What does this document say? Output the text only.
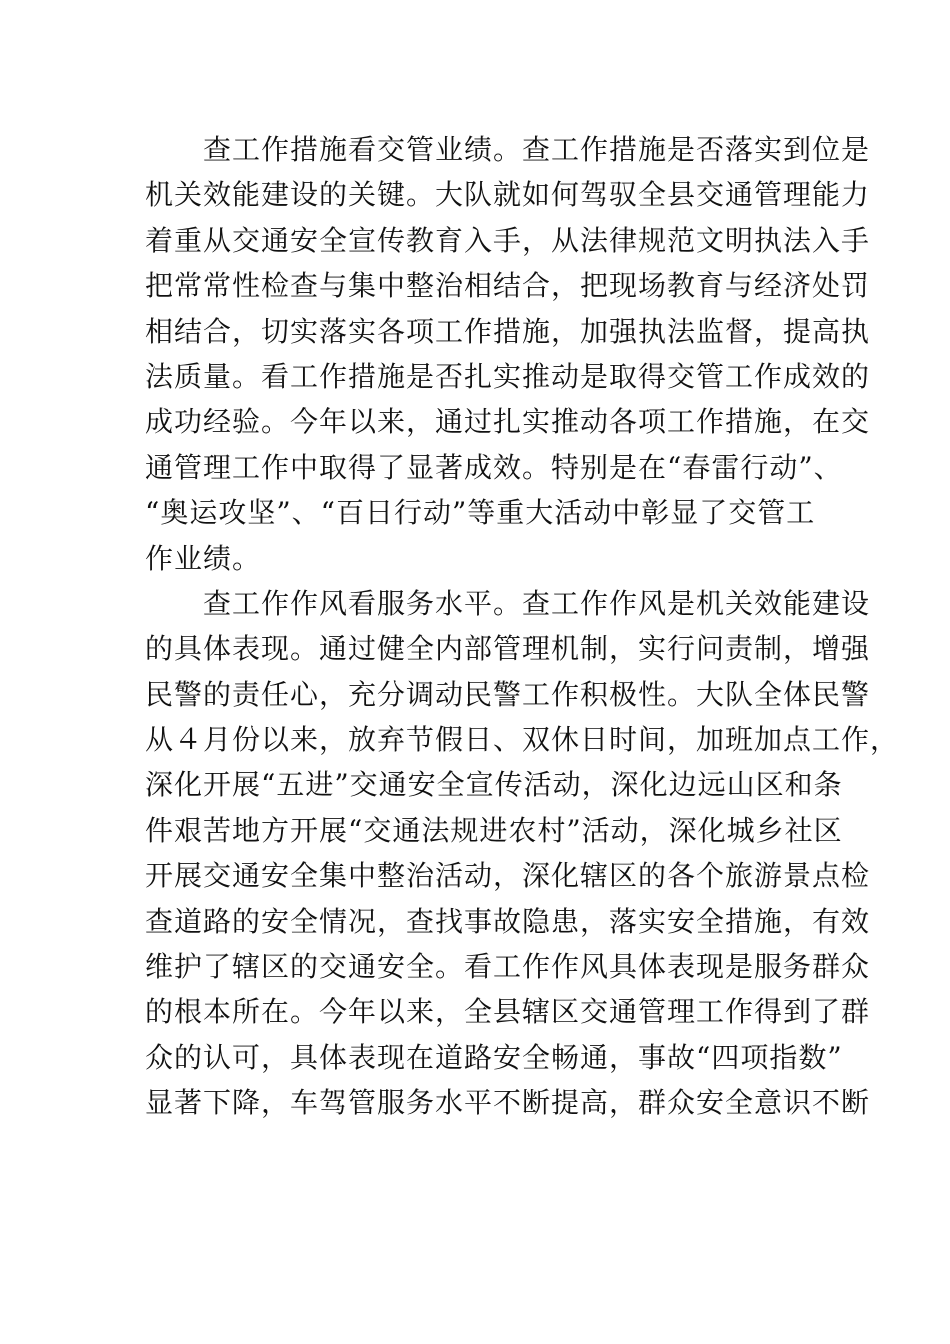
查工作措施看交管业绩。查工作措施是否落实到位是
机关效能建设的关键。大队就如何驾驭全县交通管理能力
着重从交通安全宣传教育入手，从法律规范文明执法入手
把常常性检查与集中整治相结合，把现场教育与经济处罚
相结合，切实落实各项工作措施，加强执法监督，提高执
法质量。看工作措施是否扎实推动是取得交管工作成效的
成功经验。今年以来，通过扎实推动各项工作措施，在交
通管理工作中取得了显著成效。特别是在“春雷行动”、
“奥运攻坚”、“百日行动”等重大活动中彰显了交管工
作业绩。
查工作作风看服务水平。查工作作风是机关效能建设
的具体表现。通过健全内部管理机制，实行问责制，增强
民警的责任心，充分调动民警工作积极性。大队全体民警
从４月份以来，放弃节假日、双休日时间，加班加点工作，
深化开展“五进”交通安全宣传活动，深化边远山区和条
件艰苦地方开展“交通法规进农村”活动，深化城乡社区
开展交通安全集中整治活动，深化辖区的各个旅游景点检
查道路的安全情况，查找事故隐患，落实安全措施，有效
维护了辖区的交通安全。看工作作风具体表现是服务群众
的根本所在。今年以来，全县辖区交通管理工作得到了群
众的认可，具体表现在道路安全畅通，事故“四项指数”
显著下降，车驾管服务水平不断提高，群众安全意识不断
